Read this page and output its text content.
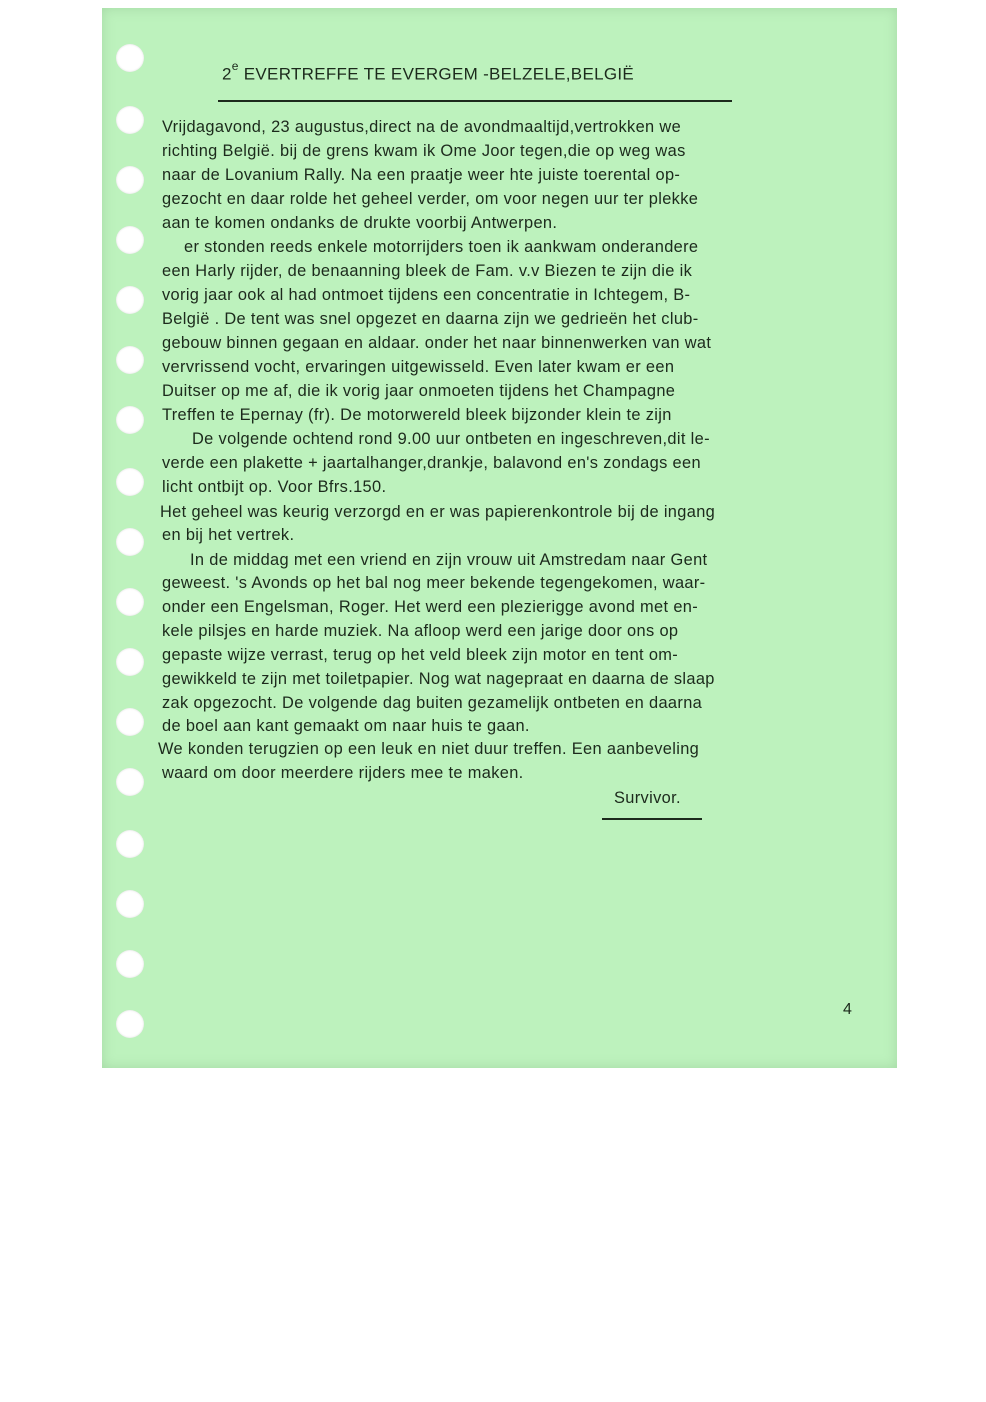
2e EVERTREFFE TE EVERGEM -BELZELE,BELGIË
Vrijdagavond, 23 augustus,direct na de avondmaaltijd,vertrokken we
richting België. bij de grens kwam ik Ome Joor tegen,die op weg was
naar de Lovanium Rally. Na een praatje weer hte juiste toerental op-
gezocht en daar rolde het geheel verder, om voor negen uur ter plekke
aan te komen ondanks de drukte voorbij Antwerpen.
er stonden reeds enkele motorrijders toen ik aankwam onderandere
een Harly rijder, de benaanning bleek de Fam. v.v Biezen te zijn die ik
vorig jaar ook al had ontmoet tijdens een concentratie in Ichtegem, B-
België . De tent was snel opgezet en daarna zijn we gedrieën het club-
gebouw binnen gegaan en aldaar. onder het naar binnenwerken van wat
vervrissend vocht, ervaringen uitgewisseld. Even later kwam er een
Duitser op me af, die ik vorig jaar onmoeten tijdens het Champagne
Treffen te Epernay (fr). De motorwereld bleek bijzonder klein te zijn
De volgende ochtend rond 9.00 uur ontbeten en ingeschreven,dit le-
verde een plakette + jaartalhanger,drankje, balavond en's zondags een
licht ontbijt op. Voor Bfrs.150.
Het geheel was keurig verzorgd en er was papierenkontrole bij de ingang
en bij het vertrek.
In de middag met een vriend en zijn vrouw uit Amstredam naar Gent
geweest. 's Avonds op het bal nog meer bekende tegengekomen, waar-
onder een Engelsman, Roger. Het werd een plezierigge avond met en-
kele pilsjes en harde muziek. Na afloop werd een jarige door ons op
gepaste wijze verrast, terug op het veld bleek zijn motor en tent om-
gewikkeld te zijn met toiletpapier. Nog wat nagepraat en daarna de slaap
zak opgezocht. De volgende dag buiten gezamelijk ontbeten en daarna
de boel aan kant gemaakt om naar huis te gaan.
We konden terugzien op een leuk en niet duur treffen. Een aanbeveling
waard om door meerdere rijders mee te maken.
Survivor.
4
